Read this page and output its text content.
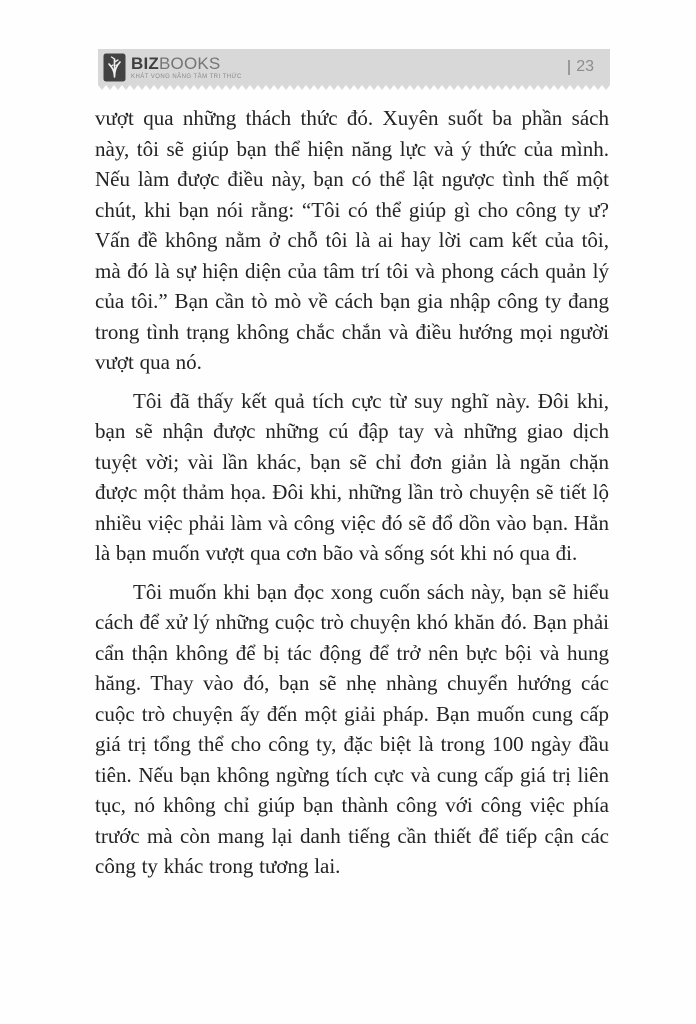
BIZBOOKS
KHÁT VỌNG NÂNG TẦM TRI THỨC
23

vượt qua những thách thức đó. Xuyên suốt ba phần sách này, tôi sẽ giúp bạn thể hiện năng lực và ý thức của mình. Nếu làm được điều này, bạn có thể lật ngược tình thế một chút, khi bạn nói rằng: “Tôi có thể giúp gì cho công ty ư? Vấn đề không nằm ở chỗ tôi là ai hay lời cam kết của tôi, mà đó là sự hiện diện của tâm trí tôi và phong cách quản lý của tôi.” Bạn cần tò mò về cách bạn gia nhập công ty đang trong tình trạng không chắc chắn và điều hướng mọi người vượt qua nó.

Tôi đã thấy kết quả tích cực từ suy nghĩ này. Đôi khi, bạn sẽ nhận được những cú đập tay và những giao dịch tuyệt vời; vài lần khác, bạn sẽ chỉ đơn giản là ngăn chặn được một thảm họa. Đôi khi, những lần trò chuyện sẽ tiết lộ nhiều việc phải làm và công việc đó sẽ đổ dồn vào bạn. Hẳn là bạn muốn vượt qua cơn bão và sống sót khi nó qua đi.

Tôi muốn khi bạn đọc xong cuốn sách này, bạn sẽ hiểu cách để xử lý những cuộc trò chuyện khó khăn đó. Bạn phải cẩn thận không để bị tác động để trở nên bực bội và hung hăng. Thay vào đó, bạn sẽ nhẹ nhàng chuyển hướng các cuộc trò chuyện ấy đến một giải pháp. Bạn muốn cung cấp giá trị tổng thể cho công ty, đặc biệt là trong 100 ngày đầu tiên. Nếu bạn không ngừng tích cực và cung cấp giá trị liên tục, nó không chỉ giúp bạn thành công với công việc phía trước mà còn mang lại danh tiếng cần thiết để tiếp cận các công ty khác trong tương lai.
